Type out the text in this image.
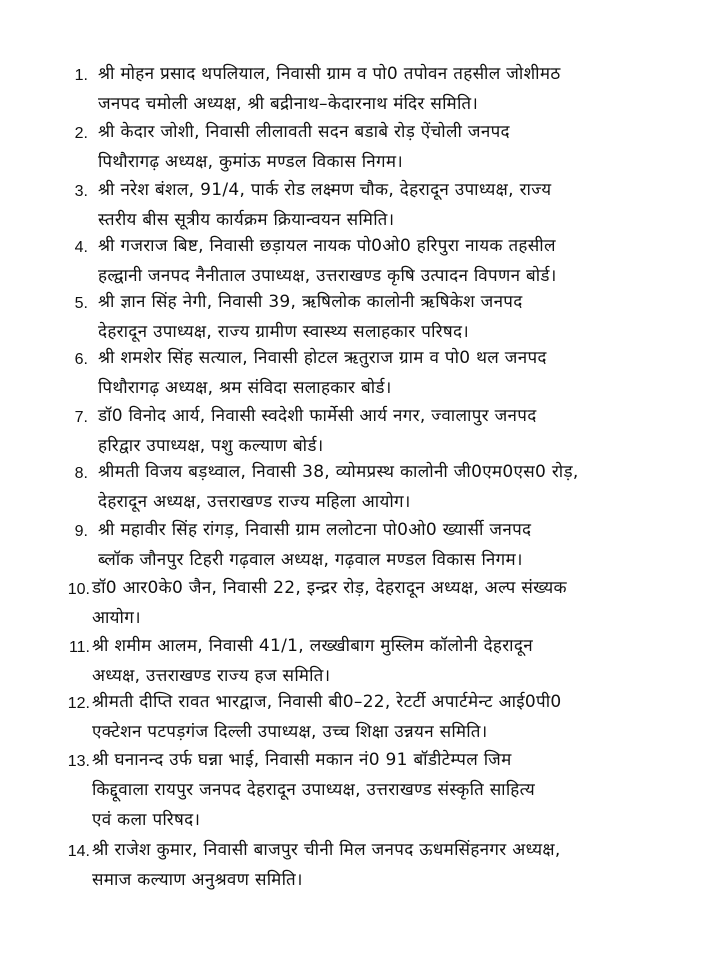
1. श्री मोहन प्रसाद थपलियाल, निवासी ग्राम व पो0 तपोवन तहसील जोशीमठ
जनपद चमोली अध्यक्ष, श्री बद्रीनाथ–केदारनाथ मंदिर समिति।
2. श्री केदार जोशी, निवासी लीलावती सदन बडाबे रोड़ ऐंचोली जनपद
पिथौरागढ़ अध्यक्ष, कुमांऊ मण्डल विकास निगम।
3. श्री नरेश बंशल, 91/4, पार्क रोड लक्ष्मण चौक, देहरादून उपाध्यक्ष, राज्य
स्तरीय बीस सूत्रीय कार्यक्रम क्रियान्वयन समिति।
4. श्री गजराज बिष्ट, निवासी छड़ायल नायक पो0ओ0 हरिपुरा नायक तहसील
हल्द्वानी जनपद नैनीताल उपाध्यक्ष, उत्तराखण्ड कृषि उत्पादन विपणन बोर्ड।
5. श्री ज्ञान सिंह नेगी, निवासी 39, ऋषिलोक कालोनी ऋषिकेश जनपद
देहरादून उपाध्यक्ष, राज्य ग्रामीण स्वास्थ्य सलाहकार परिषद।
6. श्री शमशेर सिंह सत्याल, निवासी होटल ऋतुराज ग्राम व पो0 थल जनपद
पिथौरागढ़ अध्यक्ष, श्रम संविदा सलाहकार बोर्ड।
7. डॉ0 विनोद आर्य, निवासी स्वदेशी फार्मेसी आर्य नगर, ज्वालापुर जनपद
हरिद्वार उपाध्यक्ष, पशु कल्याण बोर्ड।
8. श्रीमती विजय बड़थ्वाल, निवासी 38, व्योमप्रस्थ कालोनी जी0एम0एस0 रोड़,
देहरादून अध्यक्ष, उत्तराखण्ड राज्य महिला आयोग।
9. श्री महावीर सिंह रांगड़, निवासी ग्राम ललोटना पो0ओ0 ख्यार्सी जनपद
ब्लॉक जौनपुर टिहरी गढ़वाल अध्यक्ष, गढ़वाल मण्डल विकास निगम।
10. डॉ0 आर0के0 जैन, निवासी 22, इन्द्रर रोड़, देहरादून अध्यक्ष, अल्प संख्यक
आयोग।
11. श्री शमीम आलम, निवासी 41/1, लख्खीबाग मुस्लिम कॉलोनी देहरादून
अध्यक्ष, उत्तराखण्ड राज्य हज समिति।
12. श्रीमती दीप्ति रावत भारद्वाज, निवासी बी0–22, रेटर्टी अपार्टमेन्ट आई0पी0
एक्टेशन पटपड़गंज दिल्ली उपाध्यक्ष, उच्च शिक्षा उन्नयन समिति।
13. श्री घनानन्द उर्फ घन्ना भाई, निवासी मकान नं0 91 बॉडीटेम्पल जिम
किद्दूवाला रायपुर जनपद देहरादून उपाध्यक्ष, उत्तराखण्ड संस्कृति साहित्य
एवं कला परिषद।
14. श्री राजेश कुमार, निवासी बाजपुर चीनी मिल जनपद ऊधमसिंहनगर अध्यक्ष,
समाज कल्याण अनुश्रवण समिति।
